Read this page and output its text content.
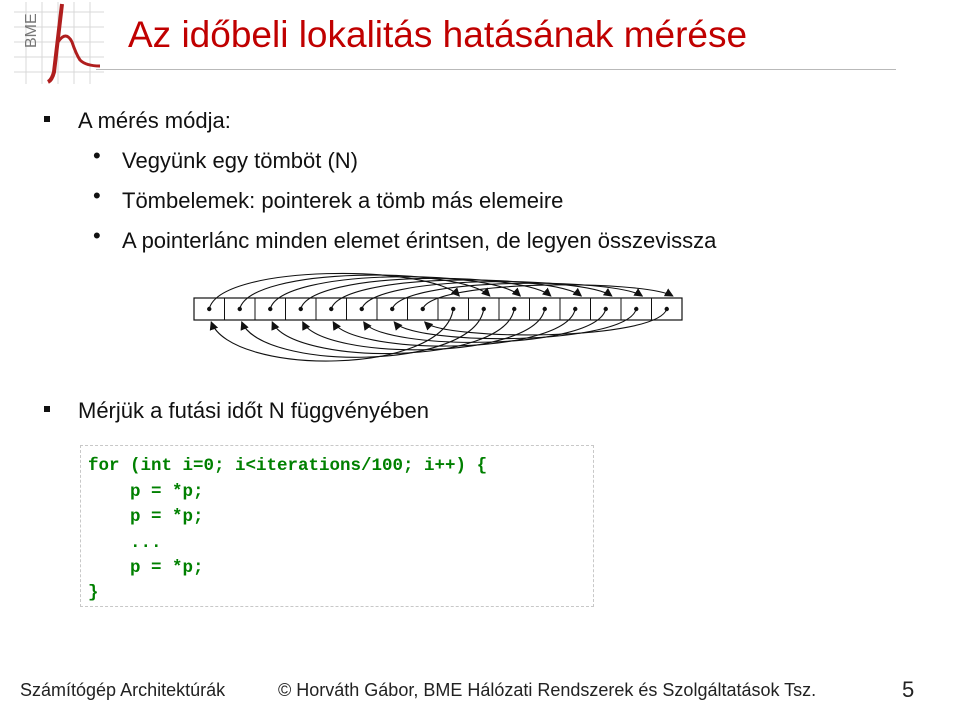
BME Az időbeli lokalitás hatásának mérése
A mérés módja:
• Vegyünk egy tömböt (N)
• Tömbelemek: pointerek a tömb más elemeire
• A pointerlánc minden elemet érintsen, de legyen összevissza
Mérjük a futási időt N függvényében
for (int i=0; i<iterations/100; i++) {
p = *p;
p = *p;
...
p = *p;
}
Számítógép Architektúrák	© Horváth Gábor, BME Hálózati Rendszerek és Szolgáltatások Tsz.	5
